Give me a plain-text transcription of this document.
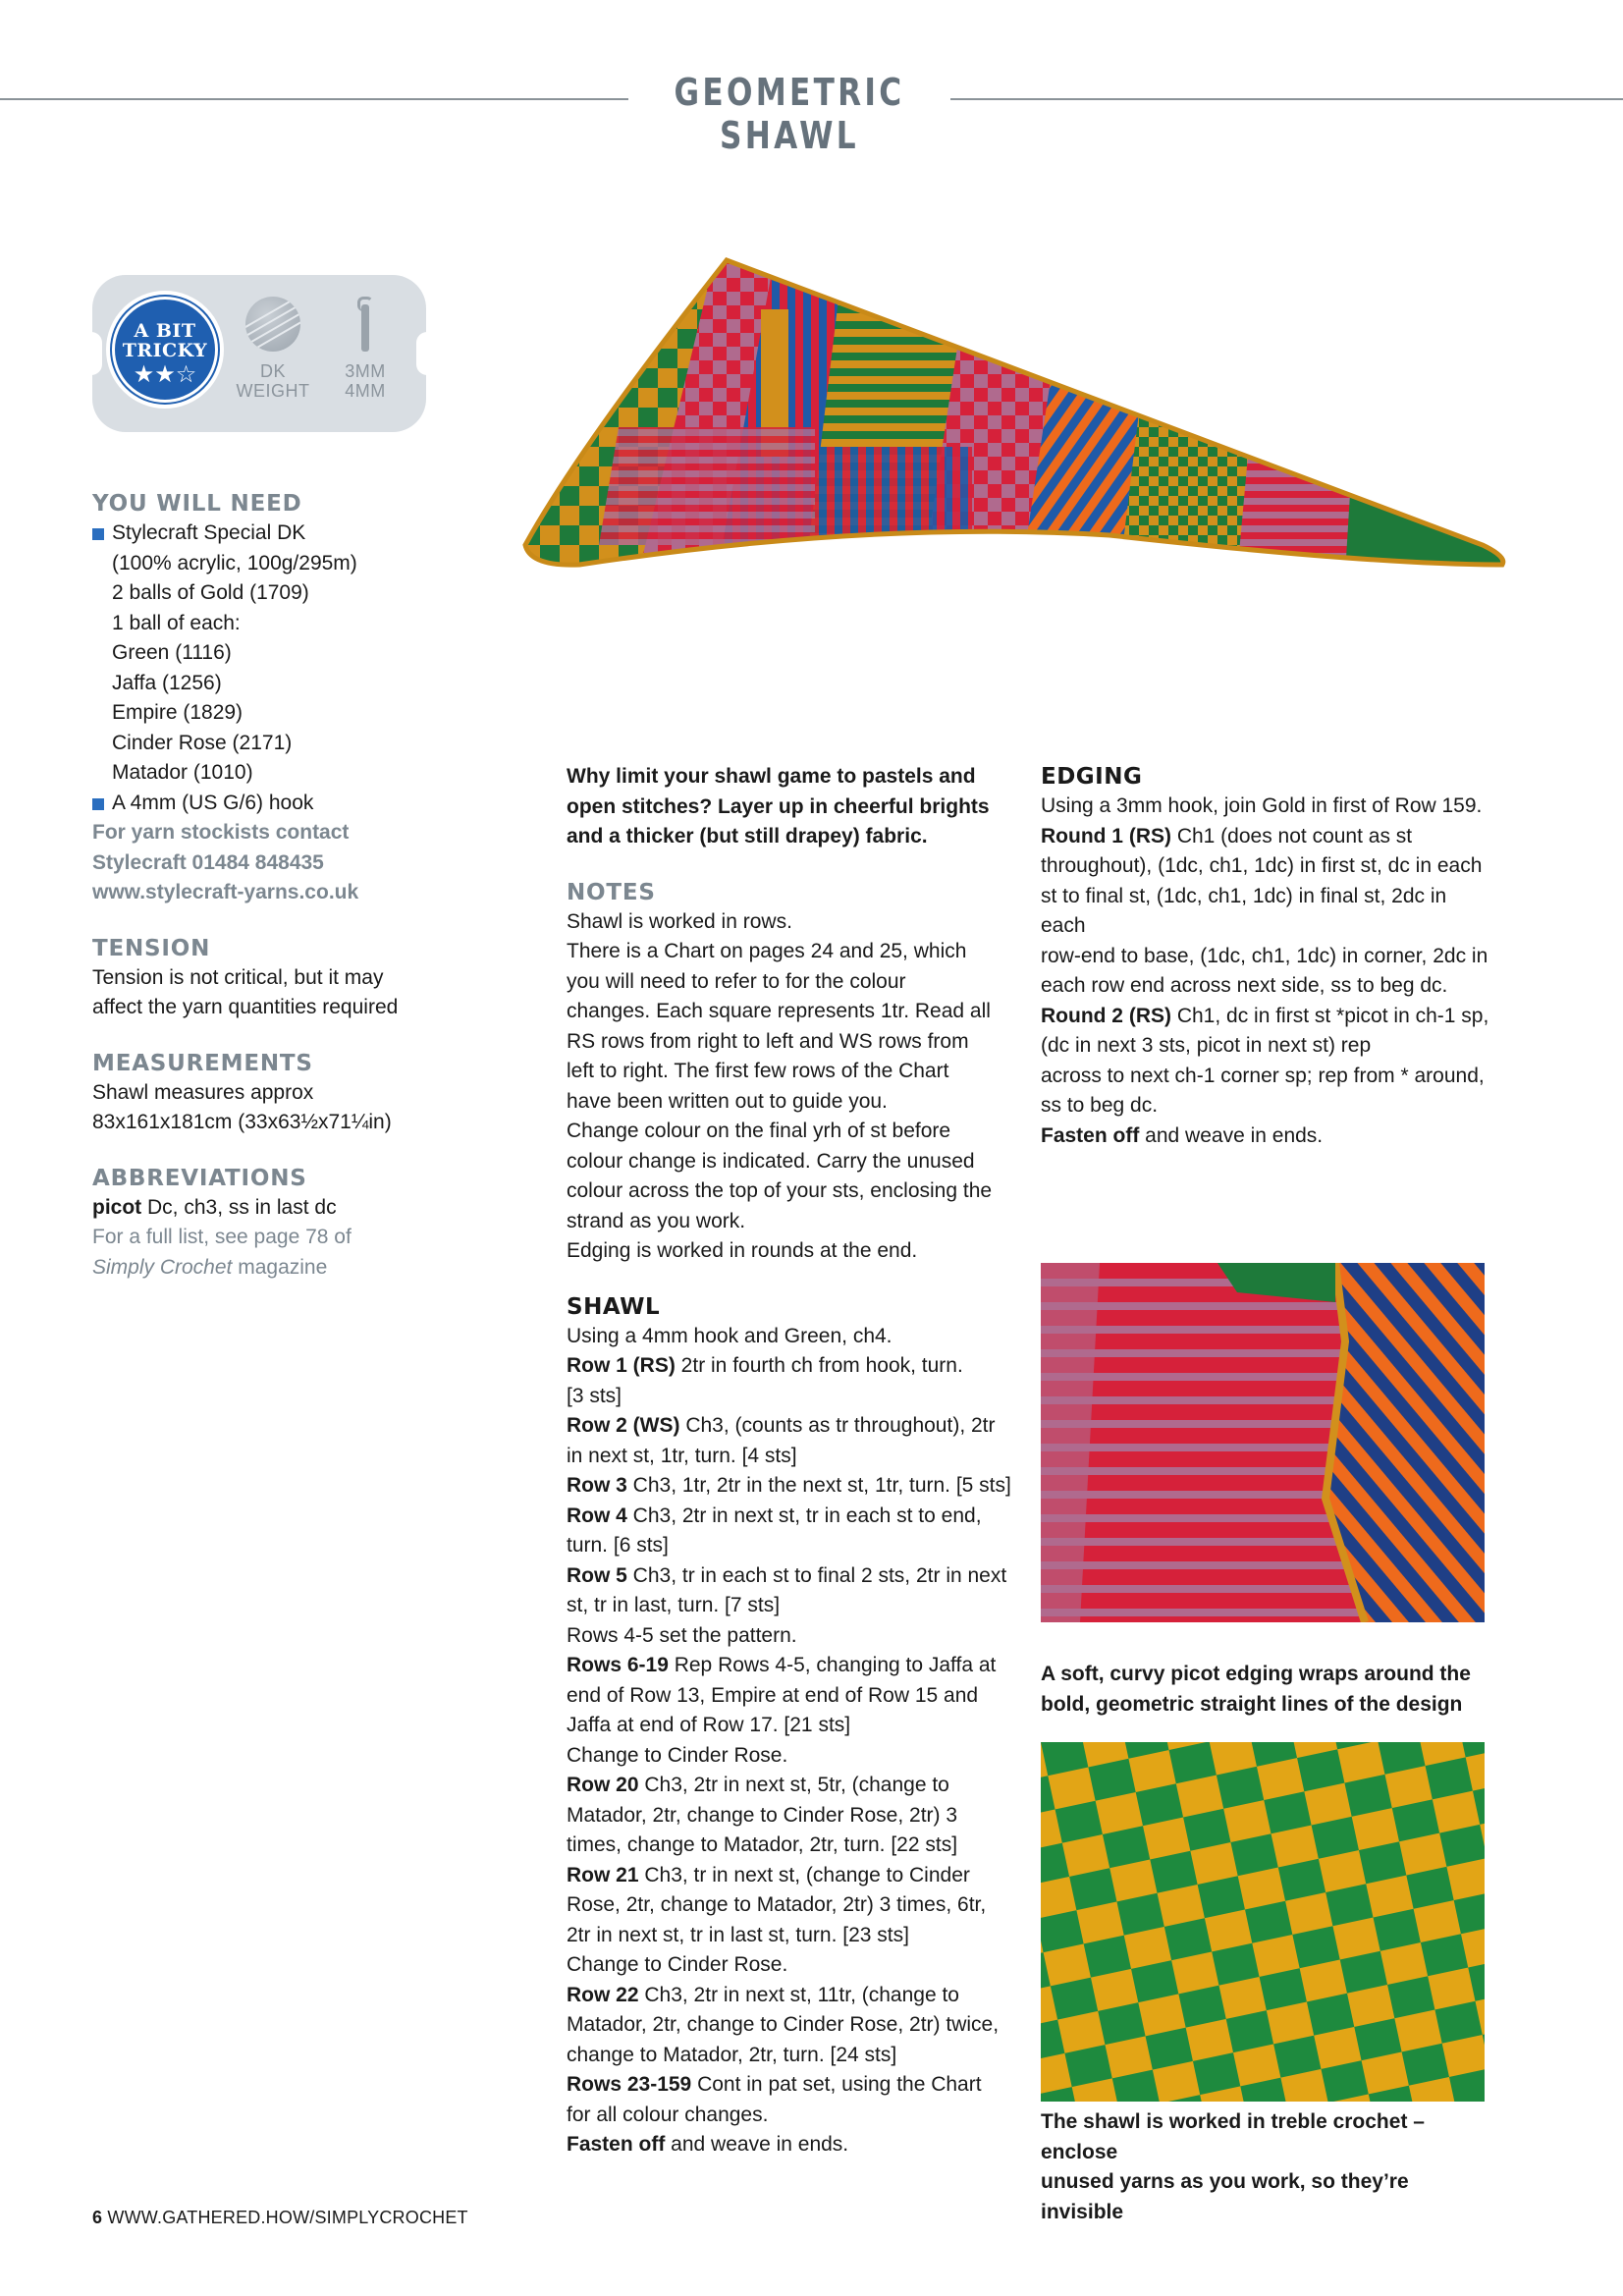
GEOMETRIC SHAWL
A BIT
TRICKY
★★☆	DK
WEIGHT
3MM
4MM
YOU WILL NEED
Stylecraft Special DK
(100% acrylic, 100g/295m)
2 balls of Gold (1709)
1 ball of each:
Green (1116)
Jaffa (1256)
Empire (1829)
Cinder Rose (2171)
Matador (1010)
A 4mm (US G/6) hook
For yarn stockists contact
Stylecraft 01484 848435
www.stylecraft-yarns.co.uk
TENSION
Tension is not critical, but it may
affect the yarn quantities required
MEASUREMENTS
Shawl measures approx
83x161x181cm (33x63½x71¼in)
ABBREVIATIONS
picot Dc, ch3, ss in last dc
For a full list, see page 78 of
Simply Crochet magazine
Why limit your shawl game to pastels and
open stitches? Layer up in cheerful brights
and a thicker (but still drapey) fabric.
NOTES
Shawl is worked in rows.
There is a Chart on pages 24 and 25, which
you will need to refer to for the colour
changes. Each square represents 1tr. Read all
RS rows from right to left and WS rows from
left to right. The first few rows of the Chart
have been written out to guide you.
Change colour on the final yrh of st before
colour change is indicated. Carry the unused
colour across the top of your sts, enclosing the
strand as you work.
Edging is worked in rounds at the end.
SHAWL
Using a 4mm hook and Green, ch4.
Row 1 (RS) 2tr in fourth ch from hook, turn.
[3 sts]
Row 2 (WS) Ch3, (counts as tr throughout), 2tr
in next st, 1tr, turn. [4 sts]
Row 3 Ch3, 1tr, 2tr in the next st, 1tr, turn. [5 sts]
Row 4 Ch3, 2tr in next st, tr in each st to end,
turn. [6 sts]
Row 5 Ch3, tr in each st to final 2 sts, 2tr in next
st, tr in last, turn. [7 sts]
Rows 4-5 set the pattern.
Rows 6-19 Rep Rows 4-5, changing to Jaffa at
end of Row 13, Empire at end of Row 15 and
Jaffa at end of Row 17. [21 sts]
Change to Cinder Rose.
Row 20 Ch3, 2tr in next st, 5tr, (change to
Matador, 2tr, change to Cinder Rose, 2tr) 3
times, change to Matador, 2tr, turn. [22 sts]
Row 21 Ch3, tr in next st, (change to Cinder
Rose, 2tr, change to Matador, 2tr) 3 times, 6tr,
2tr in next st, tr in last st, turn. [23 sts]
Change to Cinder Rose.
Row 22 Ch3, 2tr in next st, 11tr, (change to
Matador, 2tr, change to Cinder Rose, 2tr) twice,
change to Matador, 2tr, turn. [24 sts]
Rows 23-159 Cont in pat set, using the Chart
for all colour changes.
Fasten off and weave in ends.
EDGING
Using a 3mm hook, join Gold in first of Row 159.
Round 1 (RS) Ch1 (does not count as st
throughout), (1dc, ch1, 1dc) in first st, dc in each
st to final st, (1dc, ch1, 1dc) in final st, 2dc in each
row-end to base, (1dc, ch1, 1dc) in corner, 2dc in
each row end across next side, ss to beg dc.
Round 2 (RS) Ch1, dc in first st *picot in ch-1 sp,
(dc in next 3 sts, picot in next st) rep
across to next ch-1 corner sp; rep from * around,
ss to beg dc.
Fasten off and weave in ends.
A soft, curvy picot edging wraps around the
bold, geometric straight lines of the design
The shawl is worked in treble crochet – enclose
unused yarns as you work, so they’re invisible
6 WWW.GATHERED.HOW/SIMPLYCROCHET
